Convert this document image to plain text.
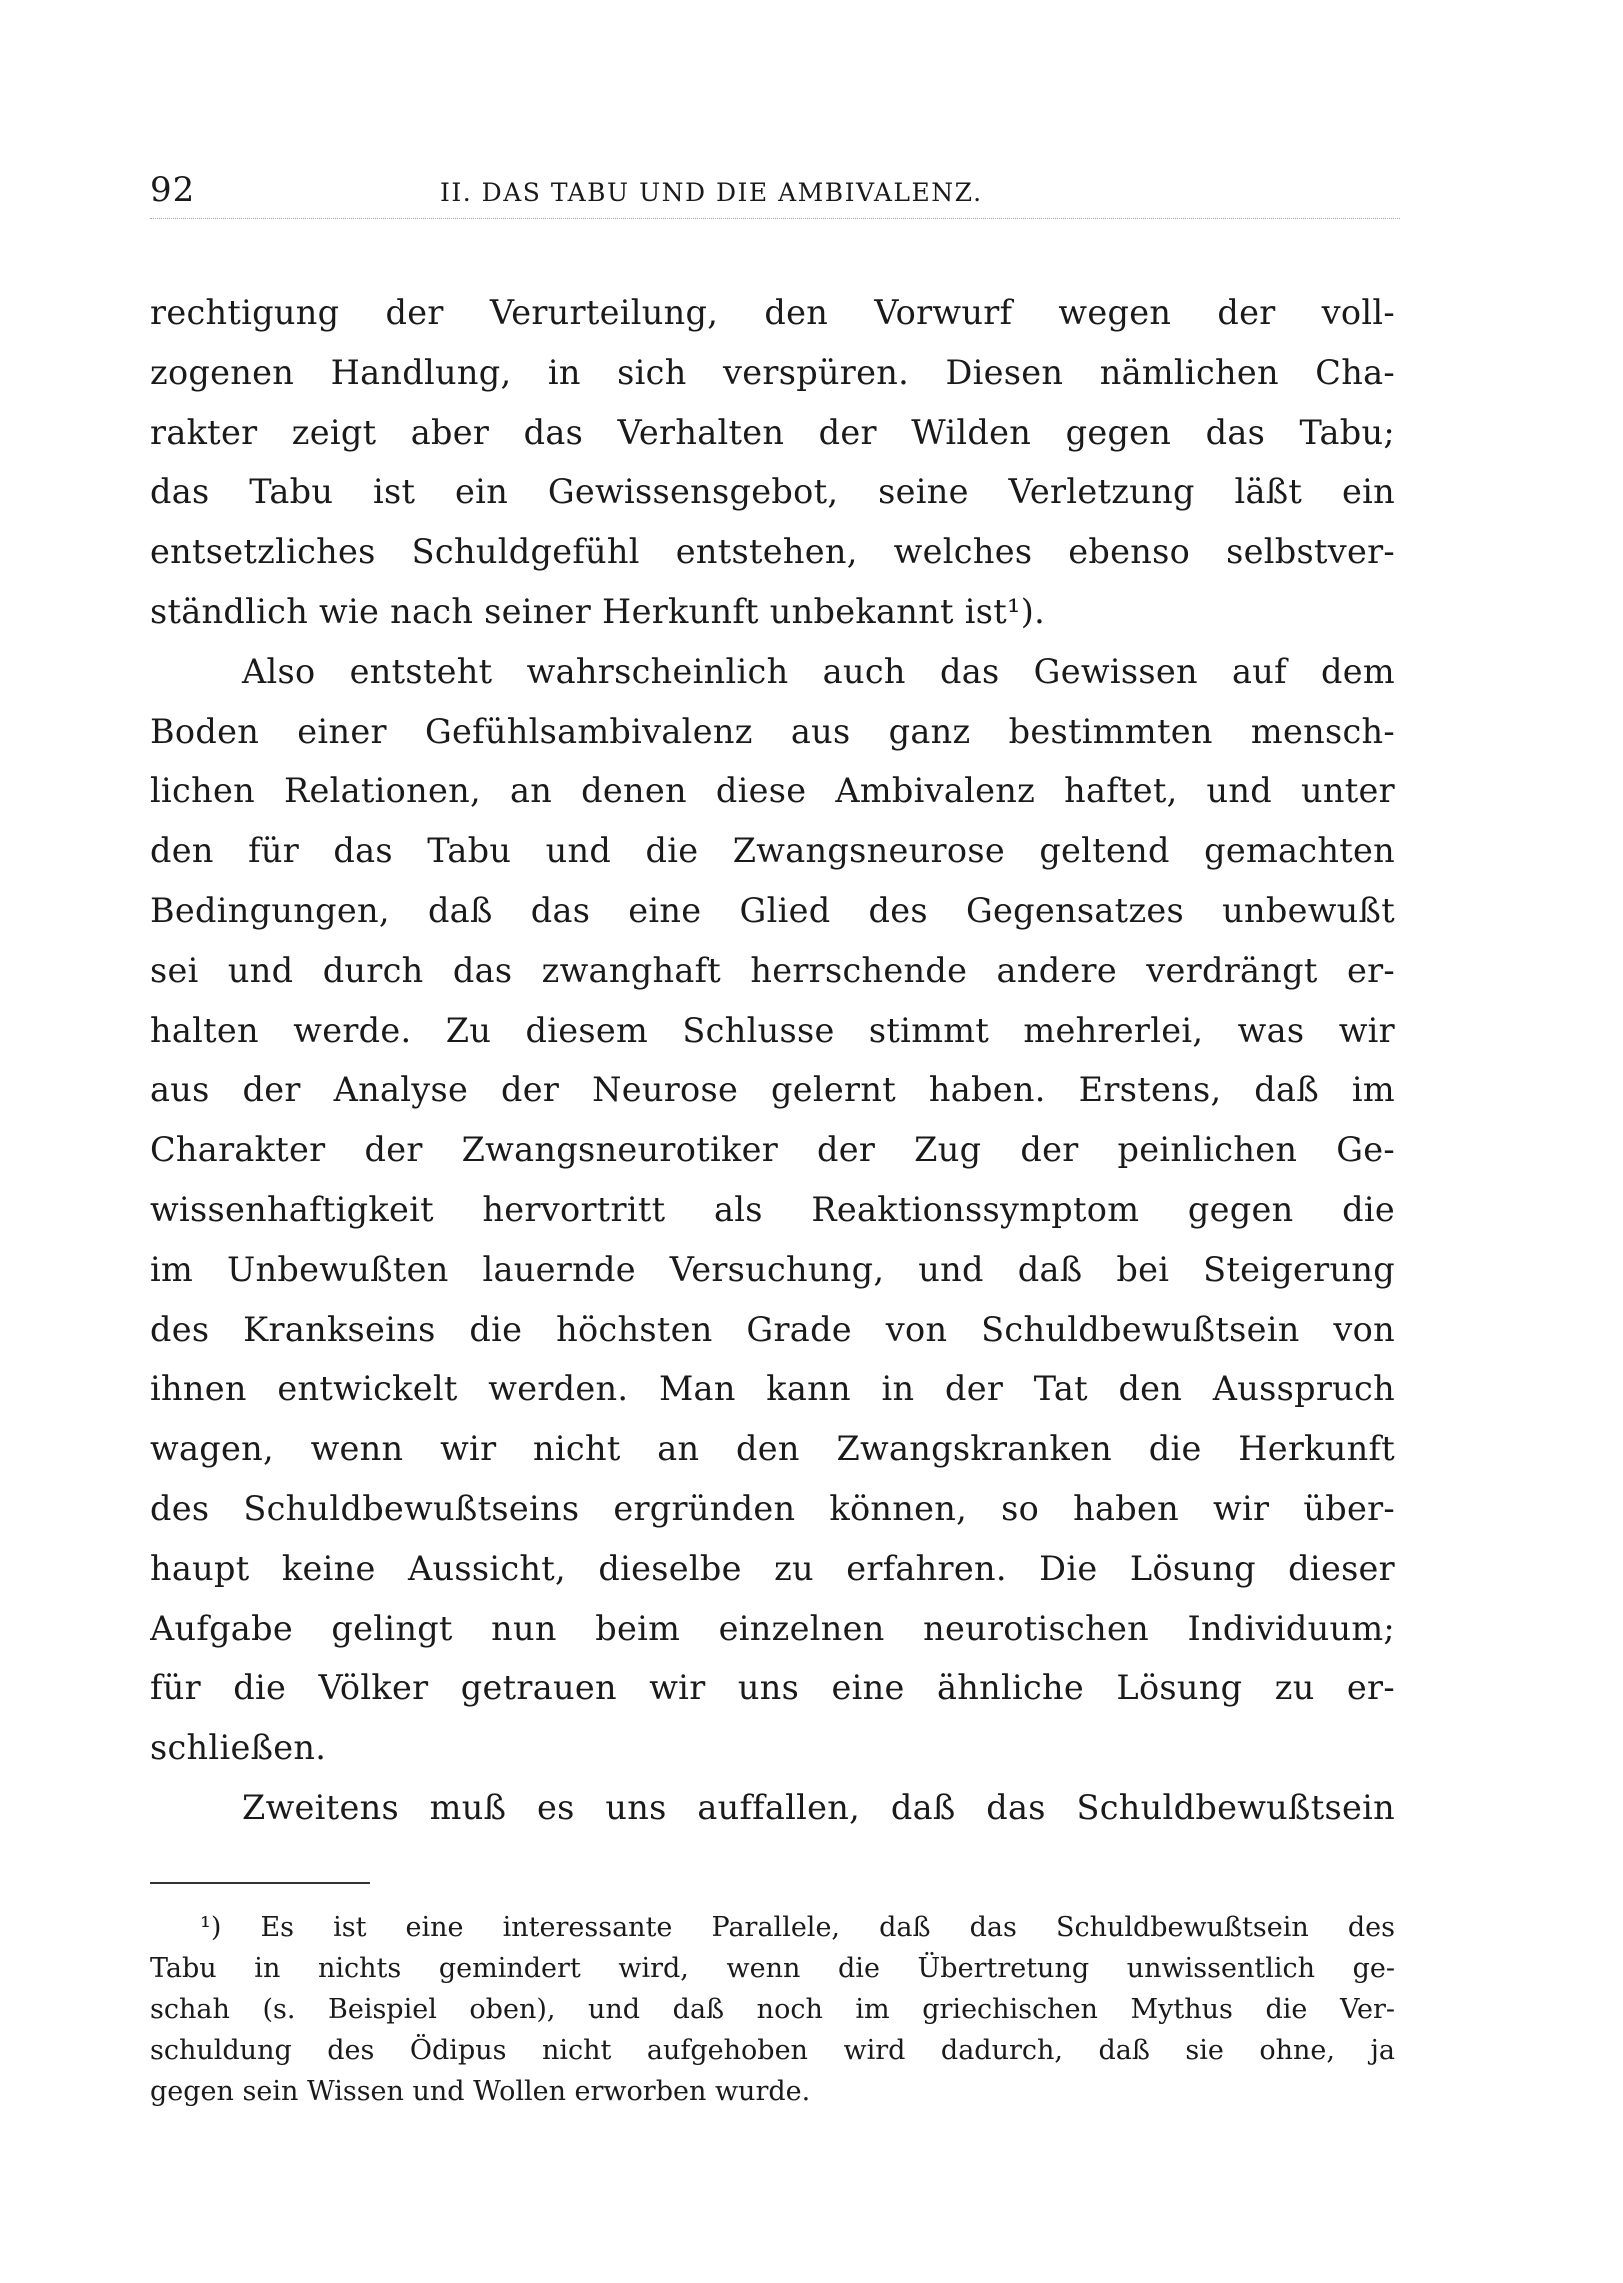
92	II. DAS TABU UND DIE AMBIVALENZ.
rechtigung der Verurteilung, den Vorwurf wegen der voll-
zogenen Handlung, in sich verspüren. Diesen nämlichen Cha-
rakter zeigt aber das Verhalten der Wilden gegen das Tabu;
das Tabu ist ein Gewissensgebot, seine Verletzung läßt ein
entsetzliches Schuldgefühl entstehen, welches ebenso selbstver-
ständlich wie nach seiner Herkunft unbekannt ist¹).
Also entsteht wahrscheinlich auch das Gewissen auf dem
Boden einer Gefühlsambivalenz aus ganz bestimmten mensch-
lichen Relationen, an denen diese Ambivalenz haftet, und unter
den für das Tabu und die Zwangsneurose geltend gemachten
Bedingungen, daß das eine Glied des Gegensatzes unbewußt
sei und durch das zwanghaft herrschende andere verdrängt er-
halten werde. Zu diesem Schlusse stimmt mehrerlei, was wir
aus der Analyse der Neurose gelernt haben. Erstens, daß im
Charakter der Zwangsneurotiker der Zug der peinlichen Ge-
wissenhaftigkeit hervortritt als Reaktionssymptom gegen die
im Unbewußten lauernde Versuchung, und daß bei Steigerung
des Krankseins die höchsten Grade von Schuldbewußtsein von
ihnen entwickelt werden. Man kann in der Tat den Ausspruch
wagen, wenn wir nicht an den Zwangskranken die Herkunft
des Schuldbewußtseins ergründen können, so haben wir über-
haupt keine Aussicht, dieselbe zu erfahren. Die Lösung dieser
Aufgabe gelingt nun beim einzelnen neurotischen Individuum;
für die Völker getrauen wir uns eine ähnliche Lösung zu er-
schließen.
Zweitens muß es uns auffallen, daß das Schuldbewußtsein
¹) Es ist eine interessante Parallele, daß das Schuldbewußtsein des
Tabu in nichts gemindert wird, wenn die Übertretung unwissentlich ge-
schah (s. Beispiel oben), und daß noch im griechischen Mythus die Ver-
schuldung des Ödipus nicht aufgehoben wird dadurch, daß sie ohne, ja
gegen sein Wissen und Wollen erworben wurde.
